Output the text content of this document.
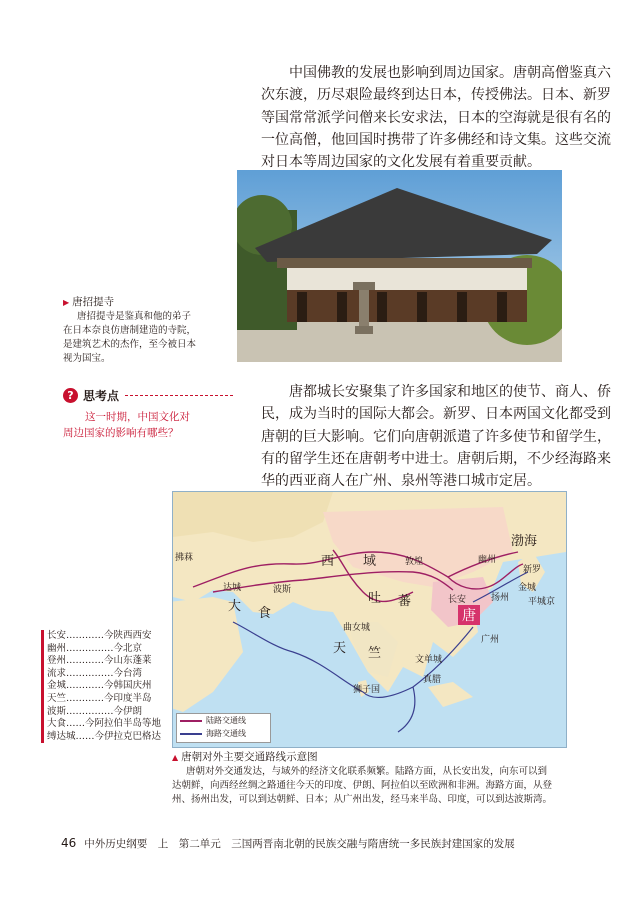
中国佛教的发展也影响到周边国家。唐朝高僧鉴真六
次东渡，历尽艰险最终到达日本，传授佛法。日本、新罗
等国常常派学问僧来长安求法，日本的空海就是很有名的
一位高僧，他回国时携带了许多佛经和诗文集。这些交流
对日本等周边国家的文化发展有着重要贡献。
▶ 唐招提寺
唐招提寺是鉴真和他的弟子
在日本奈良仿唐制建造的寺院，
是建筑艺术的杰作，至今被日本
视为国宝。
? 思考点
这一时期，中国文化对
周边国家的影响有哪些？
唐都城长安聚集了许多国家和地区的使节、商人、侨
民，成为当时的国际大都会。新罗、日本两国文化都受到
唐朝的巨大影响。它们向唐朝派遣了许多使节和留学生，
有的留学生还在唐朝考中进士。唐朝后期，不少经海路来
华的西亚商人在广州、泉州等港口城市定居。
西 域	敦煌	幽州
渤海
新罗
金城
平城京
扬州
长安
唐
吐 蕃
大 食
达城	波斯
曲女城
天 竺
广州
文单城
狮子国
真腊
拂菻
陆路交通线
海路交通线
长安…………今陕西西安
幽州……………今北京
登州…………今山东蓬莱
流求……………今台湾
金城…………今韩国庆州
天竺…………今印度半岛
波斯……………今伊朗
大食……今阿拉伯半岛等地
缚达城……今伊拉克巴格达
▲ 唐朝对外主要交通路线示意图
唐朝对外交通发达，与域外的经济文化联系频繁。陆路方面，从长安出发，向东可以到
达朝鲜，向西经丝绸之路通往今天的印度、伊朗、阿拉伯以至欧洲和非洲。海路方面，从登
州、扬州出发，可以到达朝鲜、日本；从广州出发，经马来半岛、印度，可以到达波斯湾。
46 中外历史纲要　上　第二单元　三国两晋南北朝的民族交融与隋唐统一多民族封建国家的发展
